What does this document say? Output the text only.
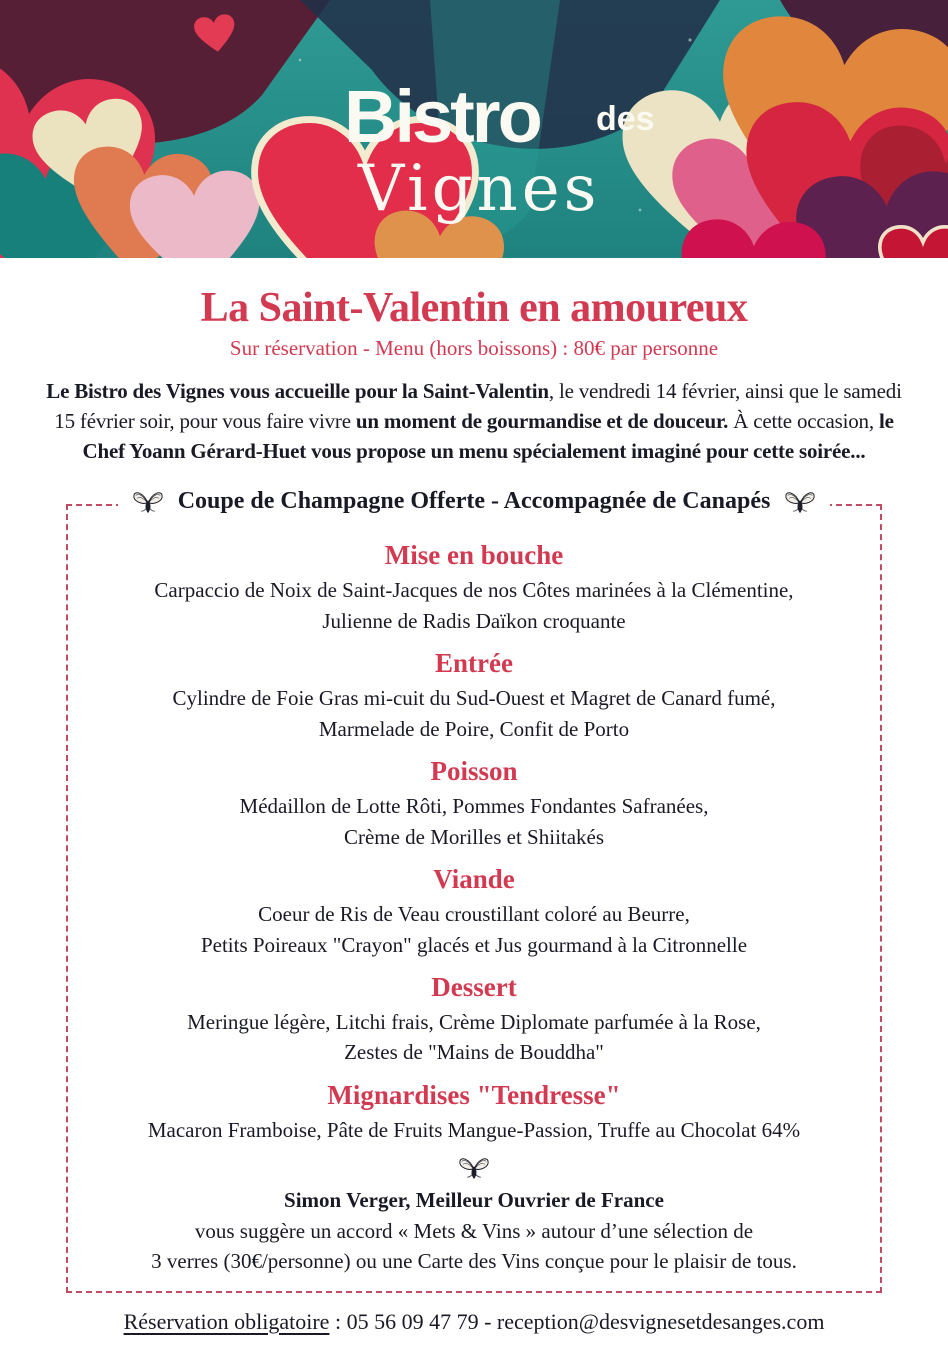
Bistro des
Vignes
La Saint-Valentin en amoureux
Sur réservation - Menu (hors boissons) : 80€ par personne

Le Bistro des Vignes vous accueille pour la Saint-Valentin, le vendredi 14 février, ainsi que le samedi 15 février soir, pour vous faire vivre un moment de gourmandise et de douceur. À cette occasion, le Chef Yoann Gérard-Huet vous propose un menu spécialement imaginé pour cette soirée...

Coupe de Champagne Offerte - Accompagnée de Canapés
Mise en bouche
Carpaccio de Noix de Saint-Jacques de nos Côtes marinées à la Clémentine,
Julienne de Radis Daïkon croquante
Entrée
Cylindre de Foie Gras mi-cuit du Sud-Ouest et Magret de Canard fumé,
Marmelade de Poire, Confit de Porto
Poisson
Médaillon de Lotte Rôti, Pommes Fondantes Safranées,
Crème de Morilles et Shiitakés
Viande
Coeur de Ris de Veau croustillant coloré au Beurre,
Petits Poireaux "Crayon" glacés et Jus gourmand à la Citronnelle
Dessert
Meringue légère, Litchi frais, Crème Diplomate parfumée à la Rose,
Zestes de "Mains de Bouddha"
Mignardises "Tendresse"
Macaron Framboise, Pâte de Fruits Mangue-Passion, Truffe au Chocolat 64%
Simon Verger, Meilleur Ouvrier de France
vous suggère un accord « Mets & Vins » autour d’une sélection de
3 verres (30€/personne) ou une Carte des Vins conçue pour le plaisir de tous.
Réservation obligatoire : 05 56 09 47 79 - reception@desvignesetdesanges.com
